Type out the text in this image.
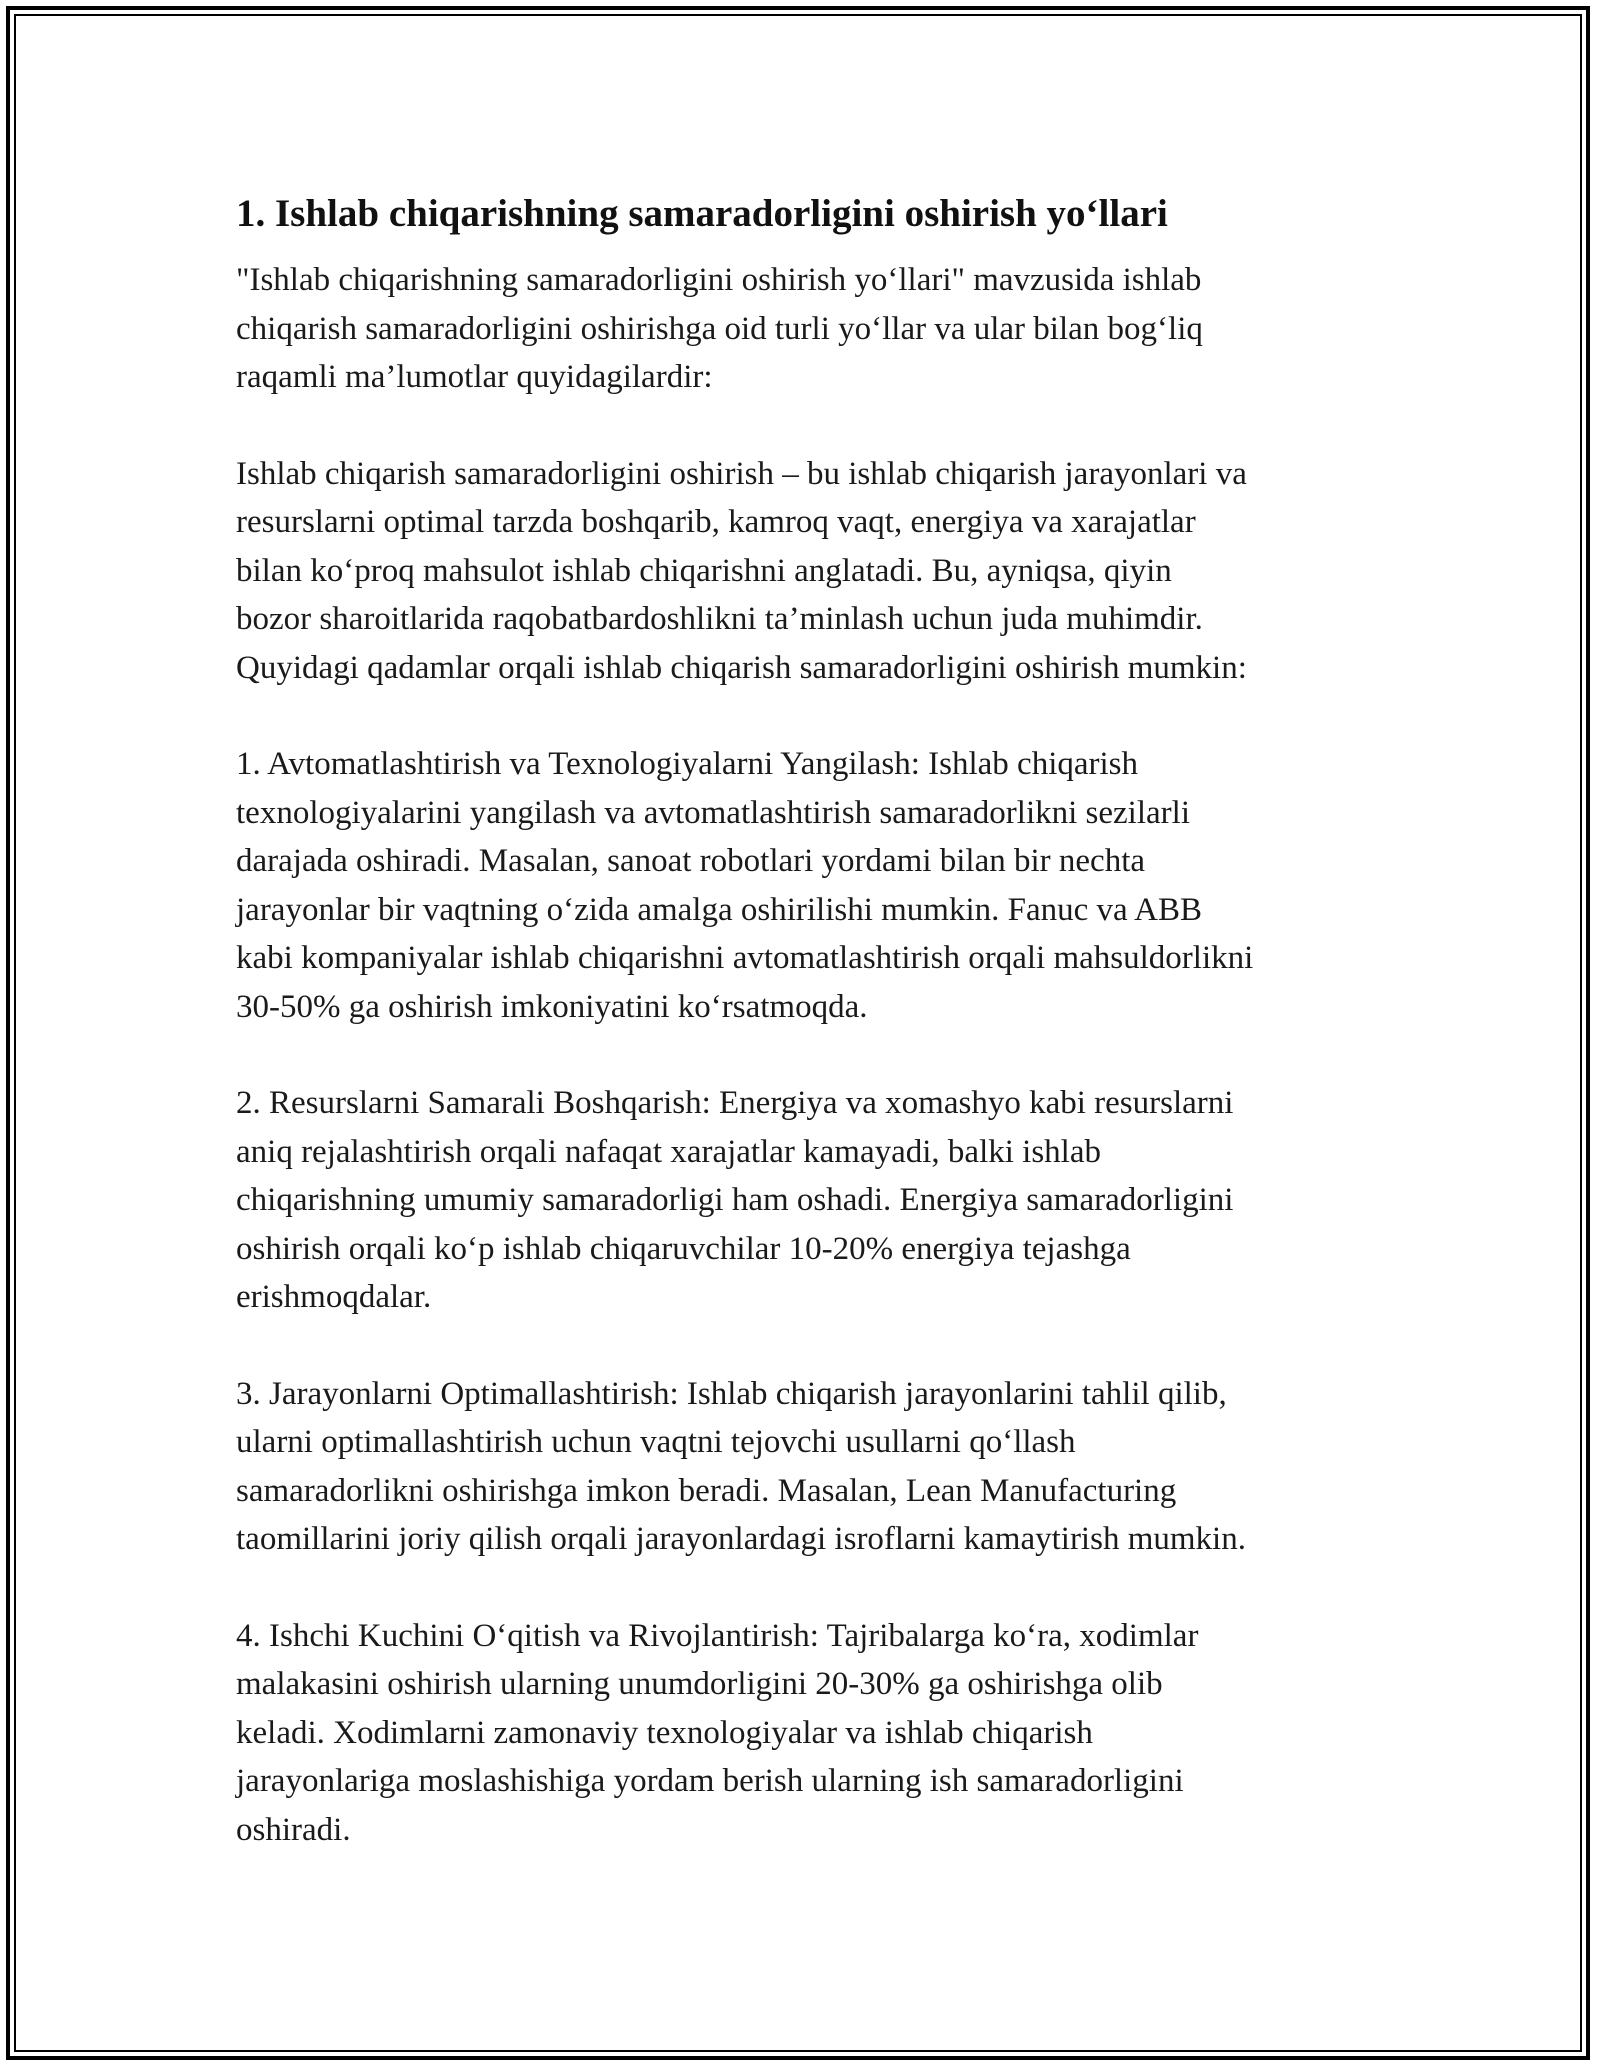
1. Ishlab chiqarishning samaradorligini oshirish yo‘llari

"Ishlab chiqarishning samaradorligini oshirish yo‘llari" mavzusida ishlab
chiqarish samaradorligini oshirishga oid turli yo‘llar va ular bilan bog‘liq
raqamli ma’lumotlar quyidagilardir:

Ishlab chiqarish samaradorligini oshirish – bu ishlab chiqarish jarayonlari va
resurslarni optimal tarzda boshqarib, kamroq vaqt, energiya va xarajatlar
bilan ko‘proq mahsulot ishlab chiqarishni anglatadi. Bu, ayniqsa, qiyin
bozor sharoitlarida raqobatbardoshlikni ta’minlash uchun juda muhimdir.
Quyidagi qadamlar orqali ishlab chiqarish samaradorligini oshirish mumkin:

1. Avtomatlashtirish va Texnologiyalarni Yangilash: Ishlab chiqarish
texnologiyalarini yangilash va avtomatlashtirish samaradorlikni sezilarli
darajada oshiradi. Masalan, sanoat robotlari yordami bilan bir nechta
jarayonlar bir vaqtning o‘zida amalga oshirilishi mumkin. Fanuc va ABB
kabi kompaniyalar ishlab chiqarishni avtomatlashtirish orqali mahsuldorlikni
30-50% ga oshirish imkoniyatini ko‘rsatmoqda.

2. Resurslarni Samarali Boshqarish: Energiya va xomashyo kabi resurslarni
aniq rejalashtirish orqali nafaqat xarajatlar kamayadi, balki ishlab
chiqarishning umumiy samaradorligi ham oshadi. Energiya samaradorligini
oshirish orqali ko‘p ishlab chiqaruvchilar 10-20% energiya tejashga
erishmoqdalar.

3. Jarayonlarni Optimallashtirish: Ishlab chiqarish jarayonlarini tahlil qilib,
ularni optimallashtirish uchun vaqtni tejovchi usullarni qo‘llash
samaradorlikni oshirishga imkon beradi. Masalan, Lean Manufacturing
taomillarini joriy qilish orqali jarayonlardagi isroflarni kamaytirish mumkin.

4. Ishchi Kuchini O‘qitish va Rivojlantirish: Tajribalarga ko‘ra, xodimlar
malakasini oshirish ularning unumdorligini 20-30% ga oshirishga olib
keladi. Xodimlarni zamonaviy texnologiyalar va ishlab chiqarish
jarayonlariga moslashishiga yordam berish ularning ish samaradorligini
oshiradi.
